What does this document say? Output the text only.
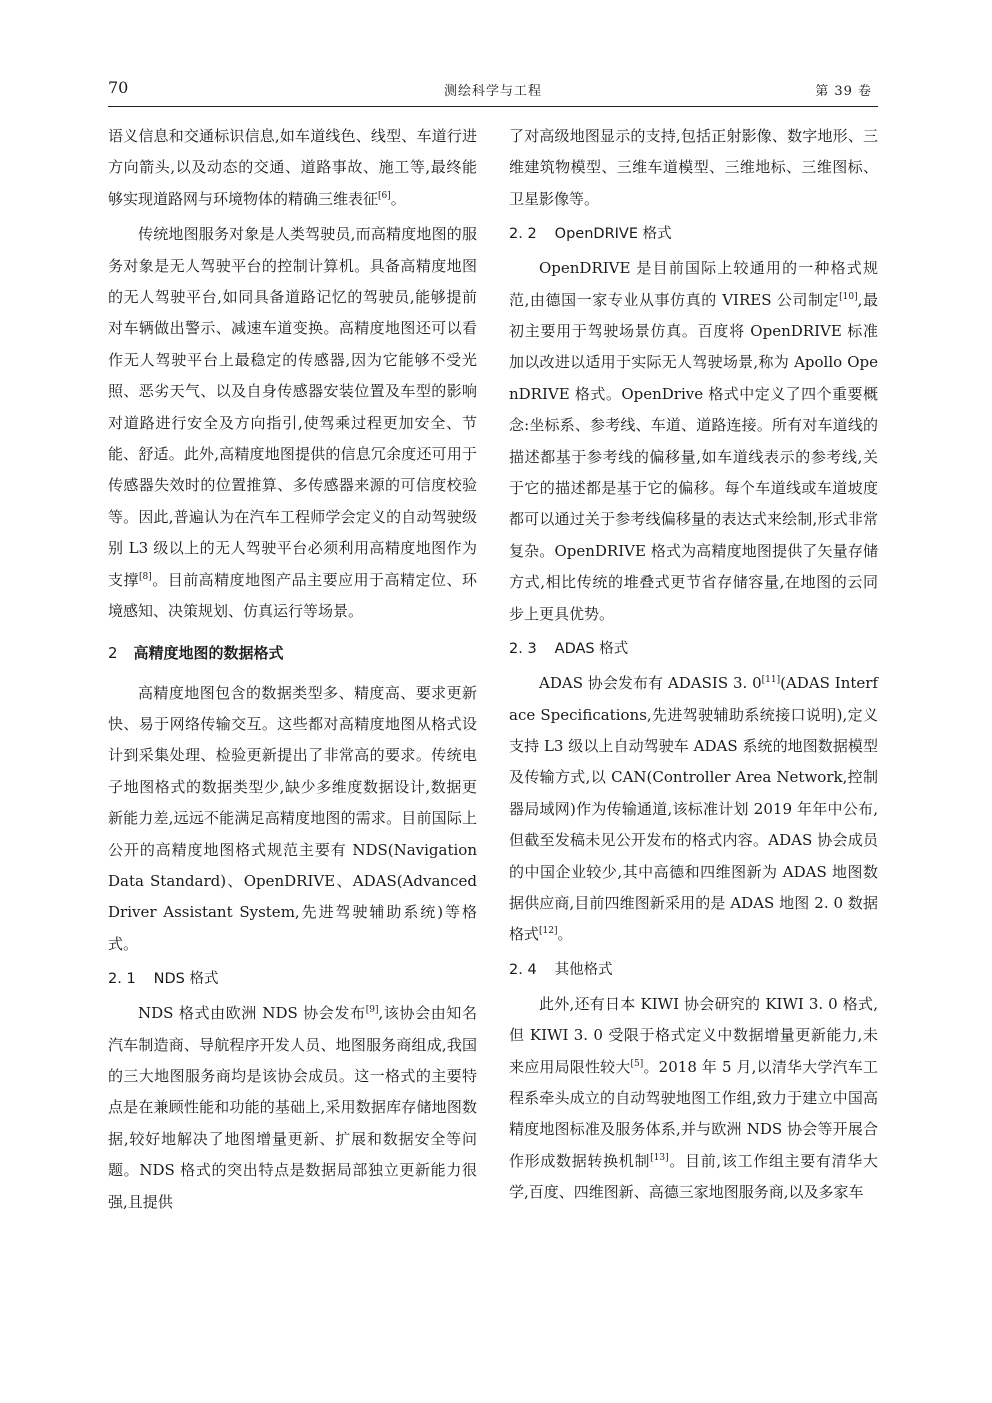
70	测绘科学与工程	第 39 卷

语义信息和交通标识信息,如车道线色、线型、车道行进方向箭头,以及动态的交通、道路事故、施工等,最终能够实现道路网与环境物体的精确三维表征[6]。

传统地图服务对象是人类驾驶员,而高精度地图的服务对象是无人驾驶平台的控制计算机。具备高精度地图的无人驾驶平台,如同具备道路记忆的驾驶员,能够提前对车辆做出警示、减速车道变换。高精度地图还可以看作无人驾驶平台上最稳定的传感器,因为它能够不受光照、恶劣天气、以及自身传感器安装位置及车型的影响对道路进行安全及方向指引,使驾乘过程更加安全、节能、舒适。此外,高精度地图提供的信息冗余度还可用于传感器失效时的位置推算、多传感器来源的可信度校验等。因此,普遍认为在汽车工程师学会定义的自动驾驶级别 L3 级以上的无人驾驶平台必须利用高精度地图作为支撑[8]。目前高精度地图产品主要应用于高精定位、环境感知、决策规划、仿真运行等场景。

2 高精度地图的数据格式

高精度地图包含的数据类型多、精度高、要求更新快、易于网络传输交互。这些都对高精度地图从格式设计到采集处理、检验更新提出了非常高的要求。传统电子地图格式的数据类型少,缺少多维度数据设计,数据更新能力差,远远不能满足高精度地图的需求。目前国际上公开的高精度地图格式规范主要有 NDS(Navigation Data Standard)、OpenDRIVE、ADAS(Advanced Driver Assistant System,先进驾驶辅助系统)等格式。

2. 1 NDS 格式

NDS 格式由欧洲 NDS 协会发布[9],该协会由知名汽车制造商、导航程序开发人员、地图服务商组成,我国的三大地图服务商均是该协会成员。这一格式的主要特点是在兼顾性能和功能的基础上,采用数据库存储地图数据,较好地解决了地图增量更新、扩展和数据安全等问题。NDS 格式的突出特点是数据局部独立更新能力很强,且提供

了对高级地图显示的支持,包括正射影像、数字地形、三维建筑物模型、三维车道模型、三维地标、三维图标、卫星影像等。

2. 2 OpenDRIVE 格式

OpenDRIVE 是目前国际上较通用的一种格式规范,由德国一家专业从事仿真的 VIRES 公司制定[10],最初主要用于驾驶场景仿真。百度将 OpenDRIVE 标准加以改进以适用于实际无人驾驶场景,称为 Apollo OpenDRIVE 格式。OpenDrive 格式中定义了四个重要概念:坐标系、参考线、车道、道路连接。所有对车道线的描述都基于参考线的偏移量,如车道线表示的参考线,关于它的描述都是基于它的偏移。每个车道线或车道坡度都可以通过关于参考线偏移量的表达式来绘制,形式非常复杂。OpenDRIVE 格式为高精度地图提供了矢量存储方式,相比传统的堆叠式更节省存储容量,在地图的云同步上更具优势。

2. 3 ADAS 格式

ADAS 协会发布有 ADASIS 3. 0[11](ADAS Interface Specifications,先进驾驶辅助系统接口说明),定义支持 L3 级以上自动驾驶车 ADAS 系统的地图数据模型及传输方式,以 CAN(Controller Area Network,控制器局域网)作为传输通道,该标准计划 2019 年年中公布,但截至发稿未见公开发布的格式内容。ADAS 协会成员的中国企业较少,其中高德和四维图新为 ADAS 地图数据供应商,目前四维图新采用的是 ADAS 地图 2. 0 数据格式[12]。

2. 4 其他格式

此外,还有日本 KIWI 协会研究的 KIWI 3. 0 格式,但 KIWI 3. 0 受限于格式定义中数据增量更新能力,未来应用局限性较大[5]。2018 年 5 月,以清华大学汽车工程系牵头成立的自动驾驶地图工作组,致力于建立中国高精度地图标准及服务体系,并与欧洲 NDS 协会等开展合作形成数据转换机制[13]。目前,该工作组主要有清华大学,百度、四维图新、高德三家地图服务商,以及多家车
